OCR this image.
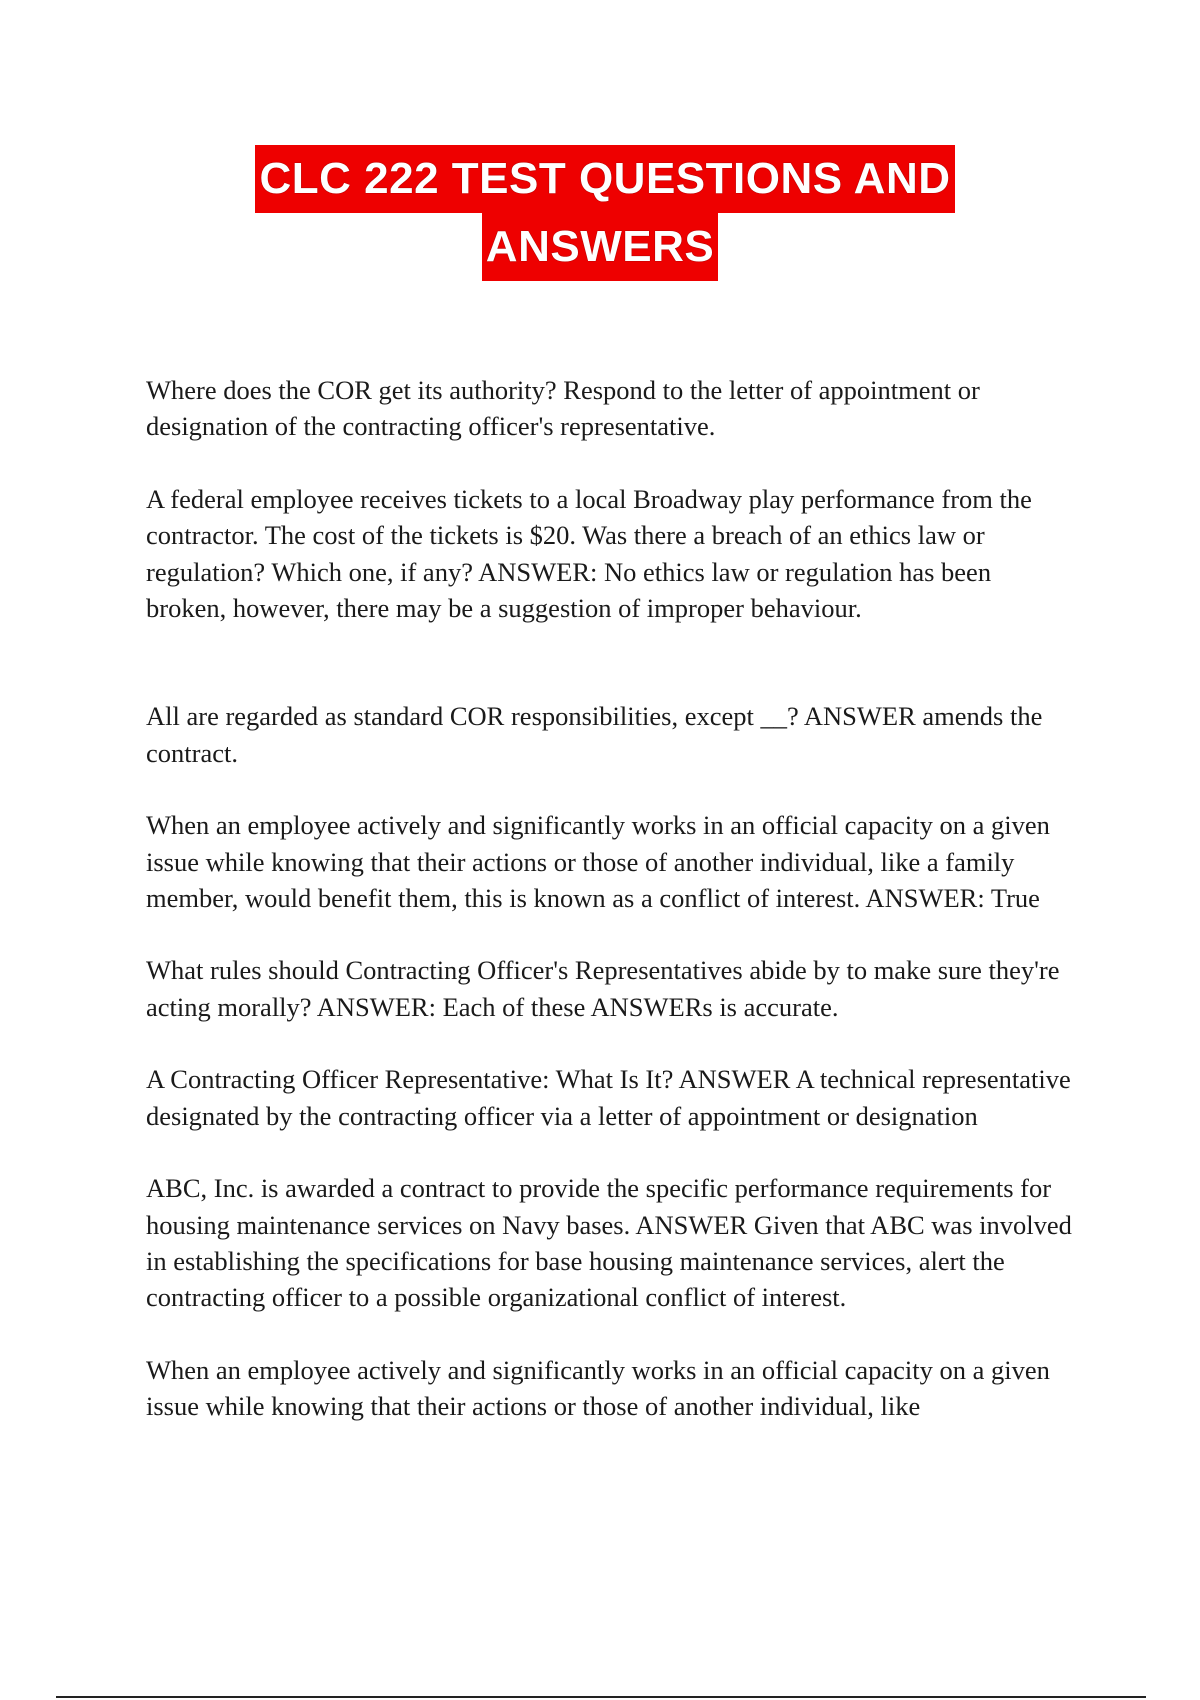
CLC 222 TEST QUESTIONS AND
ANSWERS

Where does the COR get its authority? Respond to the letter of appointment or designation of the contracting officer's representative.

A federal employee receives tickets to a local Broadway play performance from the contractor. The cost of the tickets is $20. Was there a breach of an ethics law or regulation? Which one, if any? ANSWER: No ethics law or regulation has been broken, however, there may be a suggestion of improper behaviour.

All are regarded as standard COR responsibilities, except __? ANSWER amends the contract.

When an employee actively and significantly works in an official capacity on a given issue while knowing that their actions or those of another individual, like a family member, would benefit them, this is known as a conflict of interest. ANSWER: True

What rules should Contracting Officer's Representatives abide by to make sure they're acting morally? ANSWER: Each of these ANSWERs is accurate.

A Contracting Officer Representative: What Is It? ANSWER A technical representative designated by the contracting officer via a letter of appointment or designation

ABC, Inc. is awarded a contract to provide the specific performance requirements for housing maintenance services on Navy bases. ANSWER Given that ABC was involved in establishing the specifications for base housing maintenance services, alert the contracting officer to a possible organizational conflict of interest.

When an employee actively and significantly works in an official capacity on a given issue while knowing that their actions or those of another individual, like
